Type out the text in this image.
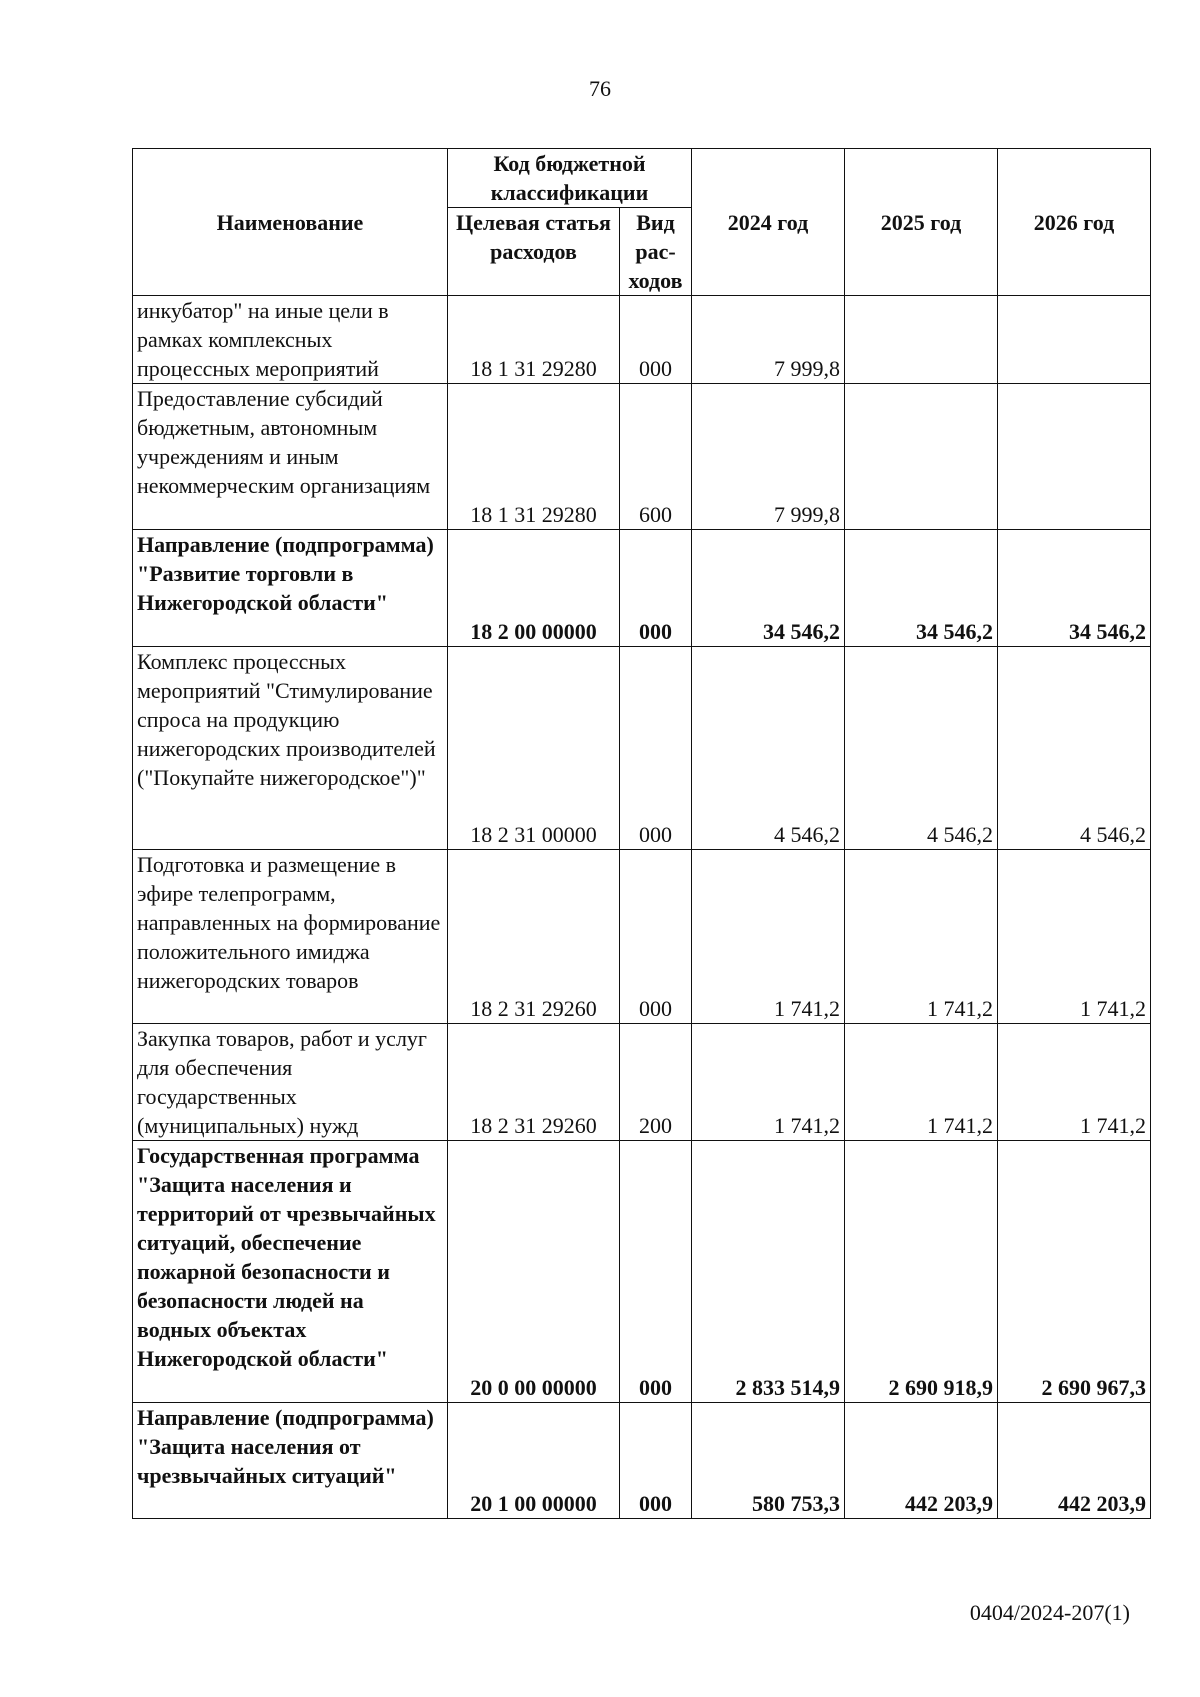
76
Наименование	Код бюджетной классификации		2024 год	2025 год	2026 год
	Целевая статья расходов	Вид рас-ходов			
инкубатор" на иные цели в рамках комплексных процессных мероприятий	18 1 31 29280	000	7 999,8		
Предоставление субсидий бюджетным, автономным учреждениям и иным некоммерческим организациям	18 1 31 29280	600	7 999,8		
Направление (подпрограмма) "Развитие торговли в Нижегородской области"	18 2 00 00000	000	34 546,2	34 546,2	34 546,2
Комплекс процессных мероприятий "Стимулирование спроса на продукцию нижегородских производителей ("Покупайте нижегородское")"	18 2 31 00000	000	4 546,2	4 546,2	4 546,2
Подготовка и размещение в эфире телепрограмм, направленных на формирование положительного имиджа нижегородских товаров	18 2 31 29260	000	1 741,2	1 741,2	1 741,2
Закупка товаров, работ и услуг для обеспечения государственных (муниципальных) нужд	18 2 31 29260	200	1 741,2	1 741,2	1 741,2
Государственная программа "Защита населения и территорий от чрезвычайных ситуаций, обеспечение пожарной безопасности и безопасности людей на водных объектах Нижегородской области"	20 0 00 00000	000	2 833 514,9	2 690 918,9	2 690 967,3
Направление (подпрограмма) "Защита населения от чрезвычайных ситуаций"	20 1 00 00000	000	580 753,3	442 203,9	442 203,9
0404/2024-207(1)
